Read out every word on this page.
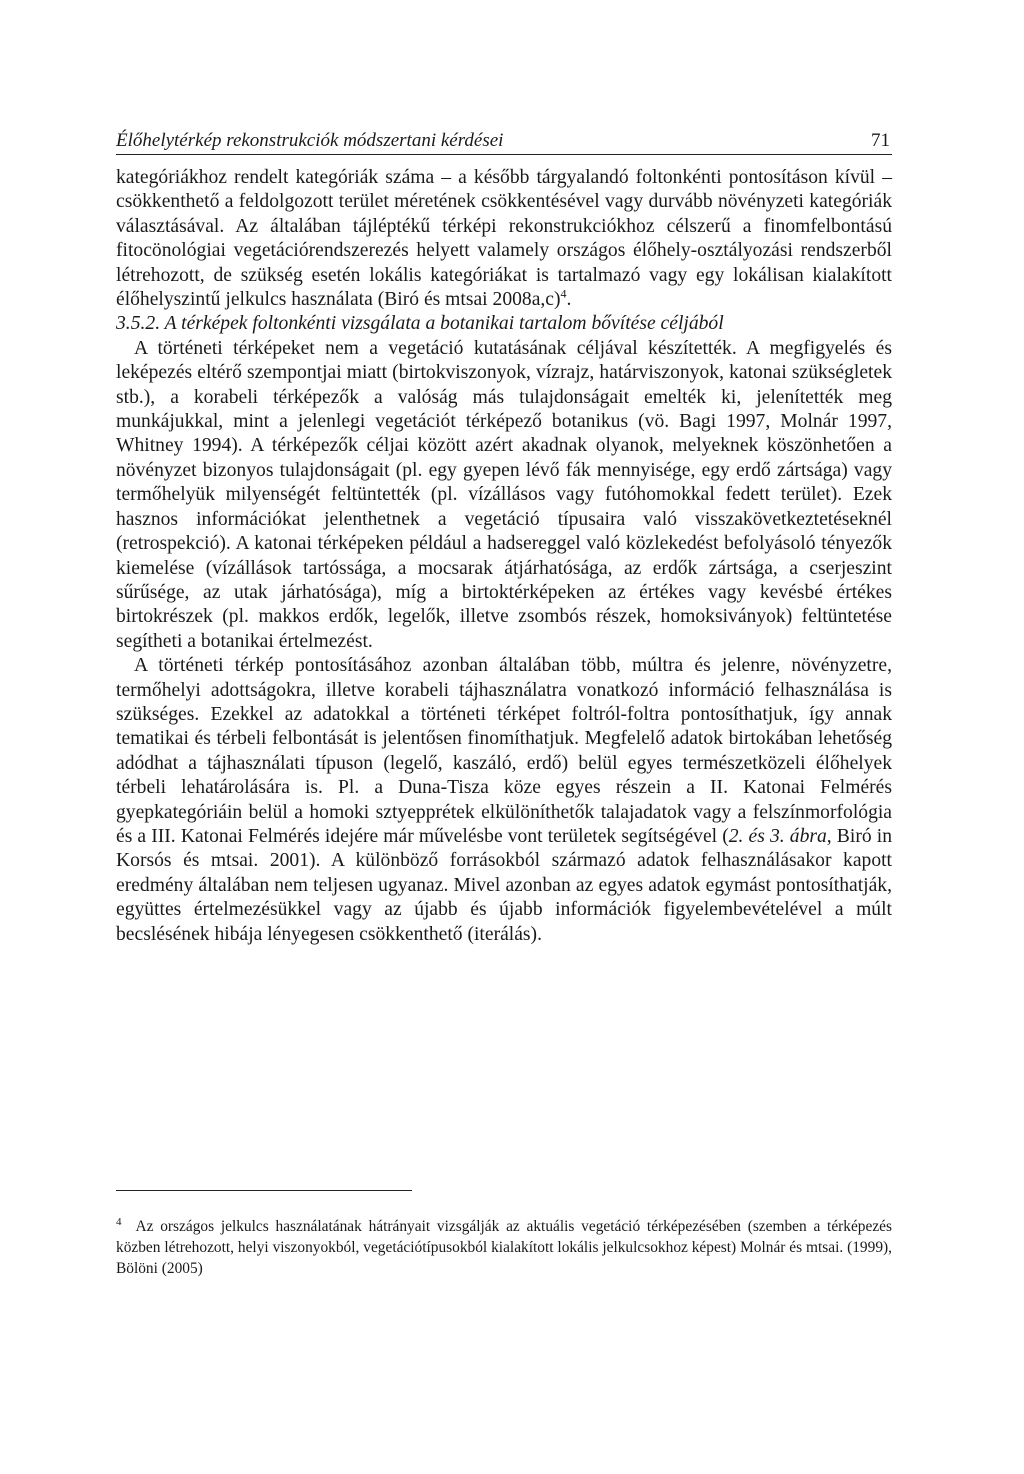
Élőhelytérkép rekonstrukciók módszertani kérdései	71

kategóriákhoz rendelt kategóriák száma – a később tárgyalandó foltonkénti pontosításon kívül – csökkenthető a feldolgozott terület méretének csökkentésével vagy durvább növényzeti kategóriák választásával. Az általában tájléptékű térképi rekonstrukciókhoz célszerű a finomfelbontású fitocönológiai vegetációrendszerezés helyett valamely országos élőhely-osztályozási rendszerből létrehozott, de szükség esetén lokális kategóriákat is tartalmazó vagy egy lokálisan kialakított élőhelyszintű jelkulcs használata (Biró és mtsai 2008a,c)$^4$.

3.5.2. A térképek foltonkénti vizsgálata a botanikai tartalom bővítése céljából

A történeti térképeket nem a vegetáció kutatásának céljával készítették. A megfigyelés és leképezés eltérő szempontjai miatt (birtokviszonyok, vízrajz, határviszonyok, katonai szükségletek stb.), a korabeli térképezők a valóság más tulajdonságait emelték ki, jelenítették meg munkájukkal, mint a jelenlegi vegetációt térképező botanikus (vö. Bagi 1997, Molnár 1997, Whitney 1994). A térképezők céljai között azért akadnak olyanok, melyeknek köszönhetően a növényzet bizonyos tulajdonságait (pl. egy gyepen lévő fák mennyisége, egy erdő zártsága) vagy termőhelyük milyenségét feltüntették (pl. vízállásos vagy futóhomokkal fedett terület). Ezek hasznos információkat jelenthetnek a vegetáció típusaira való visszakövetkeztetéseknél (retrospekció). A katonai térképeken például a hadsereggel való közlekedést befolyásoló tényezők kiemelése (vízállások tartóssága, a mocsarak átjárhatósága, az erdők zártsága, a cserjeszint sűrűsége, az utak járhatósága), míg a birtoktérképeken az értékes vagy kevésbé értékes birtokrészek (pl. makkos erdők, legelők, illetve zsombós részek, homoksiványok) feltüntetése segítheti a botanikai értelmezést.

A történeti térkép pontosításához azonban általában több, múltra és jelenre, növényzetre, termőhelyi adottságokra, illetve korabeli tájhasználatra vonatkozó információ felhasználása is szükséges. Ezekkel az adatokkal a történeti térképet foltról-foltra pontosíthatjuk, így annak tematikai és térbeli felbontását is jelentősen finomíthatjuk. Megfelelő adatok birtokában lehetőség adódhat a tájhasználati típuson (legelő, kaszáló, erdő) belül egyes természetközeli élőhelyek térbeli lehatárolására is. Pl. a Duna-Tisza köze egyes részein a II. Katonai Felmérés gyepkategóriáin belül a homoki sztyepprétek elkülöníthetők talajadatok vagy a felszínmorfológia és a III. Katonai Felmérés idejére már művelésbe vont területek segítségével (2. és 3. ábra, Biró in Korsós és mtsai. 2001). A különböző forrásokból származó adatok felhasználásakor kapott eredmény általában nem teljesen ugyanaz. Mivel azonban az egyes adatok egymást pontosíthatják, együttes értelmezésükkel vagy az újabb és újabb információk figyelembevételével a múlt becslésének hibája lényegesen csökkenthető (iterálás).

$^4$ Az országos jelkulcs használatának hátrányait vizsgálják az aktuális vegetáció térképezésében (szemben a térképezés közben létrehozott, helyi viszonyokból, vegetációtípusokból kialakított lokális jelkulcsokhoz képest) Molnár és mtsai. (1999), Bölöni (2005)
